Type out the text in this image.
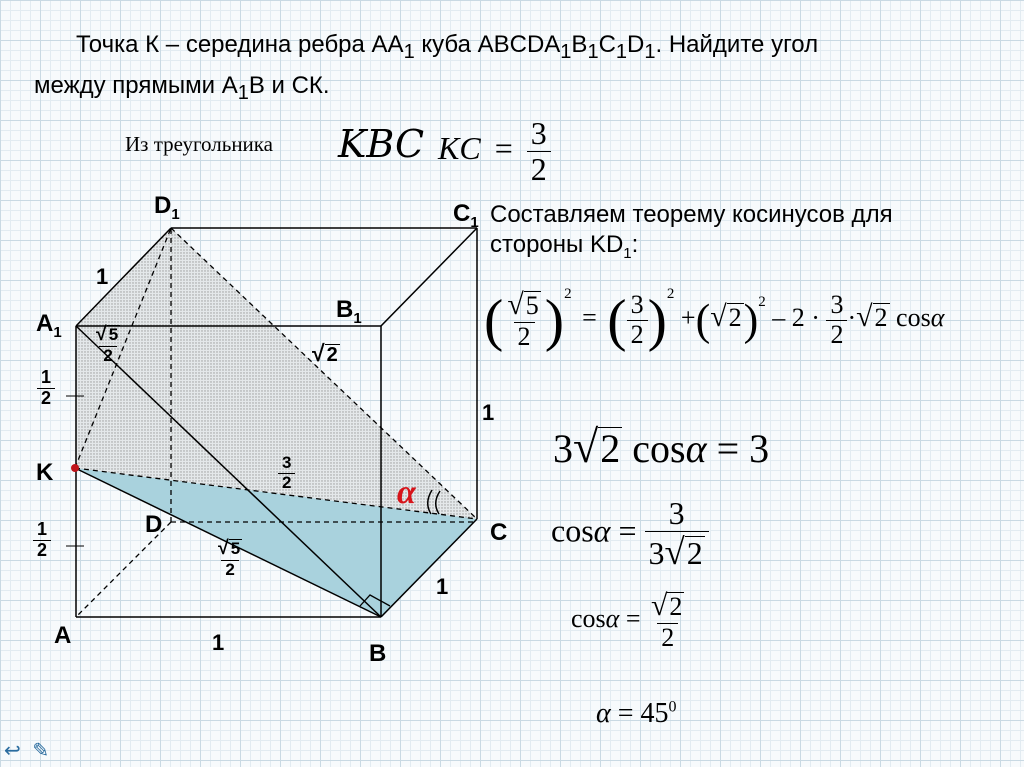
Точка К – середина ребра $АА_1$ куба $ABCDA_1B_1C_1D_1$. Найдите угол
между прямыми $А_1В$ и СК.
Из треугольника KBC KC = $\frac{3}{2}$
$D_1$	$C_1$
$A_1$
$B_1$
K
D	C
A
B
1
1
1
1
$\frac{1}{2}$
$\frac{1}{2}$
$\frac{√ 5}{2}$	√ 2
$\frac{3}{2}$
$\frac{√ 5}{2}$
α
Составляем теорему косинусов для
стороны $KD_1$:
( $\frac{√5}{2} )^2$ = ( $\frac{3}{2} )^2 +(√2)^2 - 2 \cdot \frac{3}{2} \cdot√2$ cosα
3√2 cosα = 3
$\cos\alpha = \frac{3}{3√2}$
$\cos\alpha = \frac{√2}{2}$
$\alpha = 45^0$
↩ ✎
